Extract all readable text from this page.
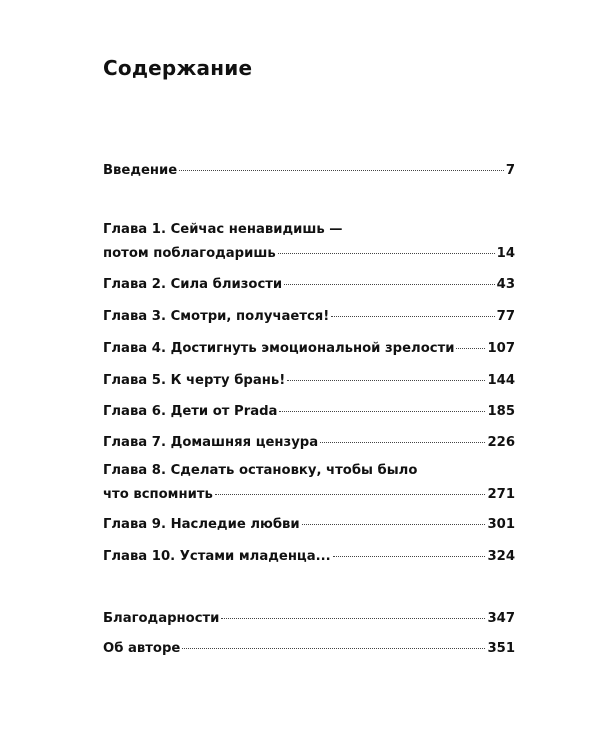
Содержание
Введение	7
Глава 1. Сейчас ненавидишь —
потом поблагодаришь	14
Глава 2. Сила близости	43
Глава 3. Смотри, получается!	77
Глава 4. Достигнуть эмоциональной зрелости	107
Глава 5. К черту брань!	144
Глава 6. Дети от Prada	185
Глава 7. Домашняя цензура	226
Глава 8. Сделать остановку, чтобы было
что вспомнить	271
Глава 9. Наследие любви	301
Глава 10. Устами младенца...	324
Благодарности	347
Об авторе	351
